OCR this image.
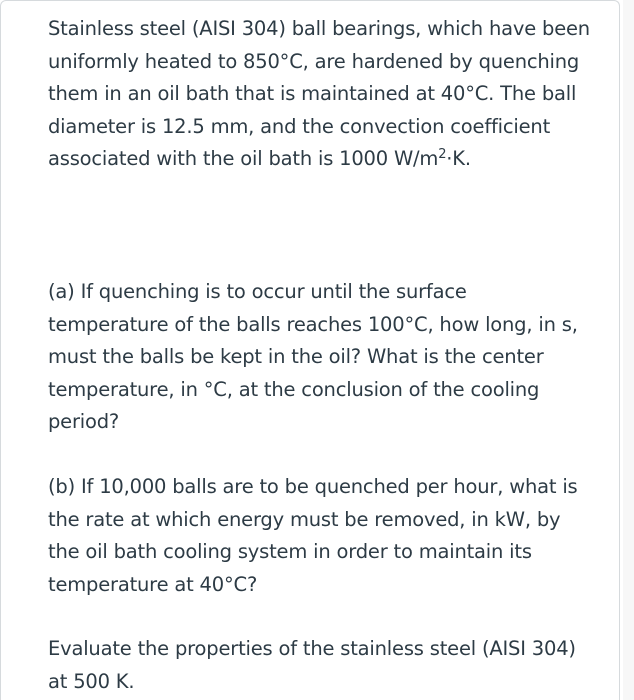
Stainless steel (AISI 304) ball bearings, which have been uniformly heated to 850°C, are hardened by quenching them in an oil bath that is maintained at 40°C. The ball diameter is 12.5 mm, and the convection coefficient associated with the oil bath is 1000 $W/m^2\cdot K$.

(a) If quenching is to occur until the surface temperature of the balls reaches 100°C, how long, in s, must the balls be kept in the oil? What is the center temperature, in °C, at the conclusion of the cooling period?

(b) If 10,000 balls are to be quenched per hour, what is the rate at which energy must be removed, in kW, by the oil bath cooling system in order to maintain its temperature at 40°C?

Evaluate the properties of the stainless steel (AISI 304) at 500 K.
